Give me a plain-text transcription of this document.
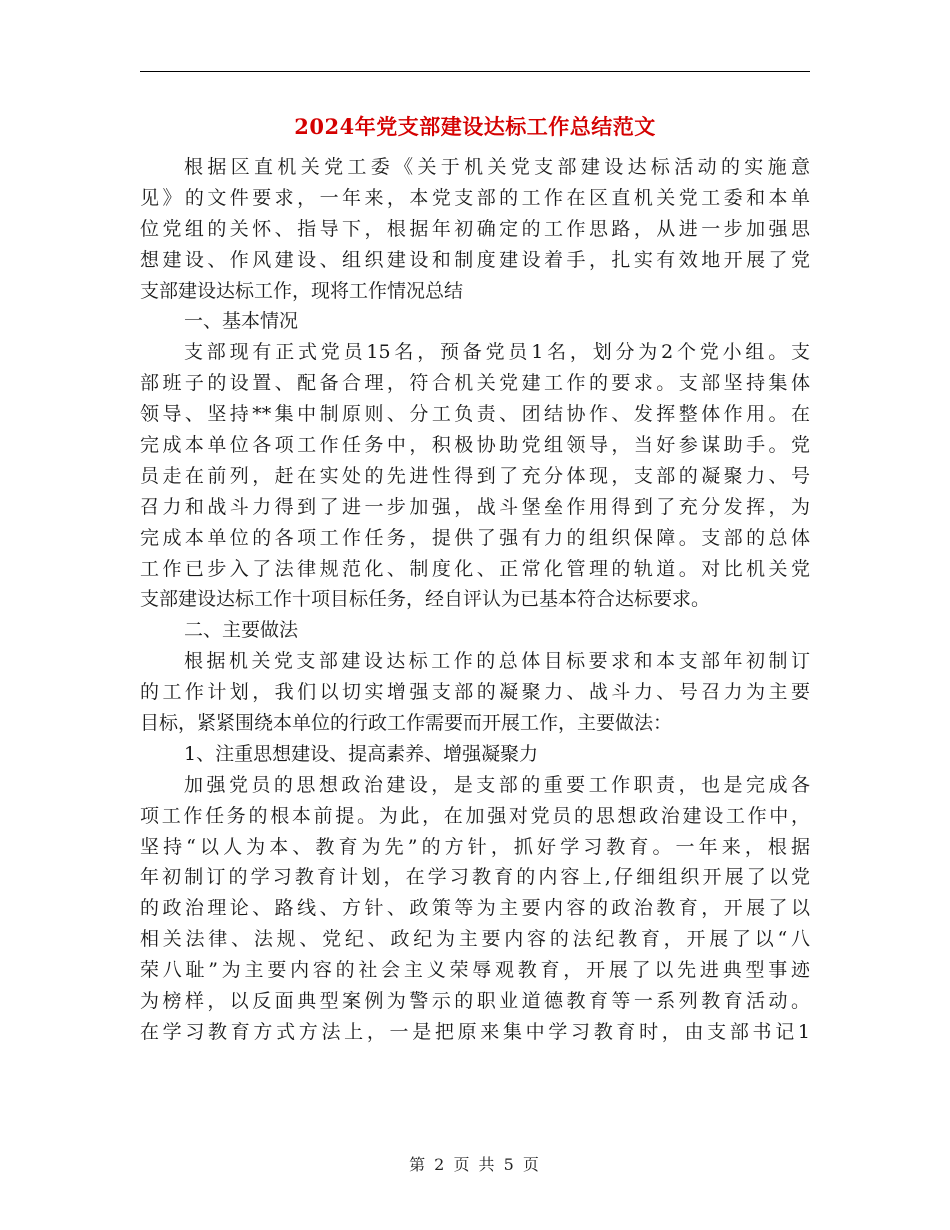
2024年党支部建设达标工作总结范文
根据区直机关党工委《关于机关党支部建设达标活动的实施意
见》的文件要求，一年来，本党支部的工作在区直机关党工委和本单
位党组的关怀、指导下，根据年初确定的工作思路，从进一步加强思
想建设、作风建设、组织建设和制度建设着手，扎实有效地开展了党
支部建设达标工作，现将工作情况总结
一、基本情况
支部现有正式党员15名，预备党员1名，划分为2个党小组。支
部班子的设置、配备合理，符合机关党建工作的要求。支部坚持集体
领导、坚持**集中制原则、分工负责、团结协作、发挥整体作用。在
完成本单位各项工作任务中，积极协助党组领导，当好参谋助手。党
员走在前列，赶在实处的先进性得到了充分体现，支部的凝聚力、号
召力和战斗力得到了进一步加强，战斗堡垒作用得到了充分发挥，为
完成本单位的各项工作任务，提供了强有力的组织保障。支部的总体
工作已步入了法律规范化、制度化、正常化管理的轨道。对比机关党
支部建设达标工作十项目标任务，经自评认为已基本符合达标要求。
二、主要做法
根据机关党支部建设达标工作的总体目标要求和本支部年初制订
的工作计划，我们以切实增强支部的凝聚力、战斗力、号召力为主要
目标，紧紧围绕本单位的行政工作需要而开展工作，主要做法：
1、注重思想建设、提高素养、增强凝聚力
加强党员的思想政治建设，是支部的重要工作职责，也是完成各
项工作任务的根本前提。为此，在加强对党员的思想政治建设工作中，
坚持“以人为本、教育为先”的方针，抓好学习教育。一年来，根据
年初制订的学习教育计划，在学习教育的内容上,仔细组织开展了以党
的政治理论、路线、方针、政策等为主要内容的政治教育，开展了以
相关法律、法规、党纪、政纪为主要内容的法纪教育，开展了以“八
荣八耻”为主要内容的社会主义荣辱观教育，开展了以先进典型事迹
为榜样，以反面典型案例为警示的职业道德教育等一系列教育活动。
在学习教育方式方法上，一是把原来集中学习教育时，由支部书记1
第 2 页 共 5 页
